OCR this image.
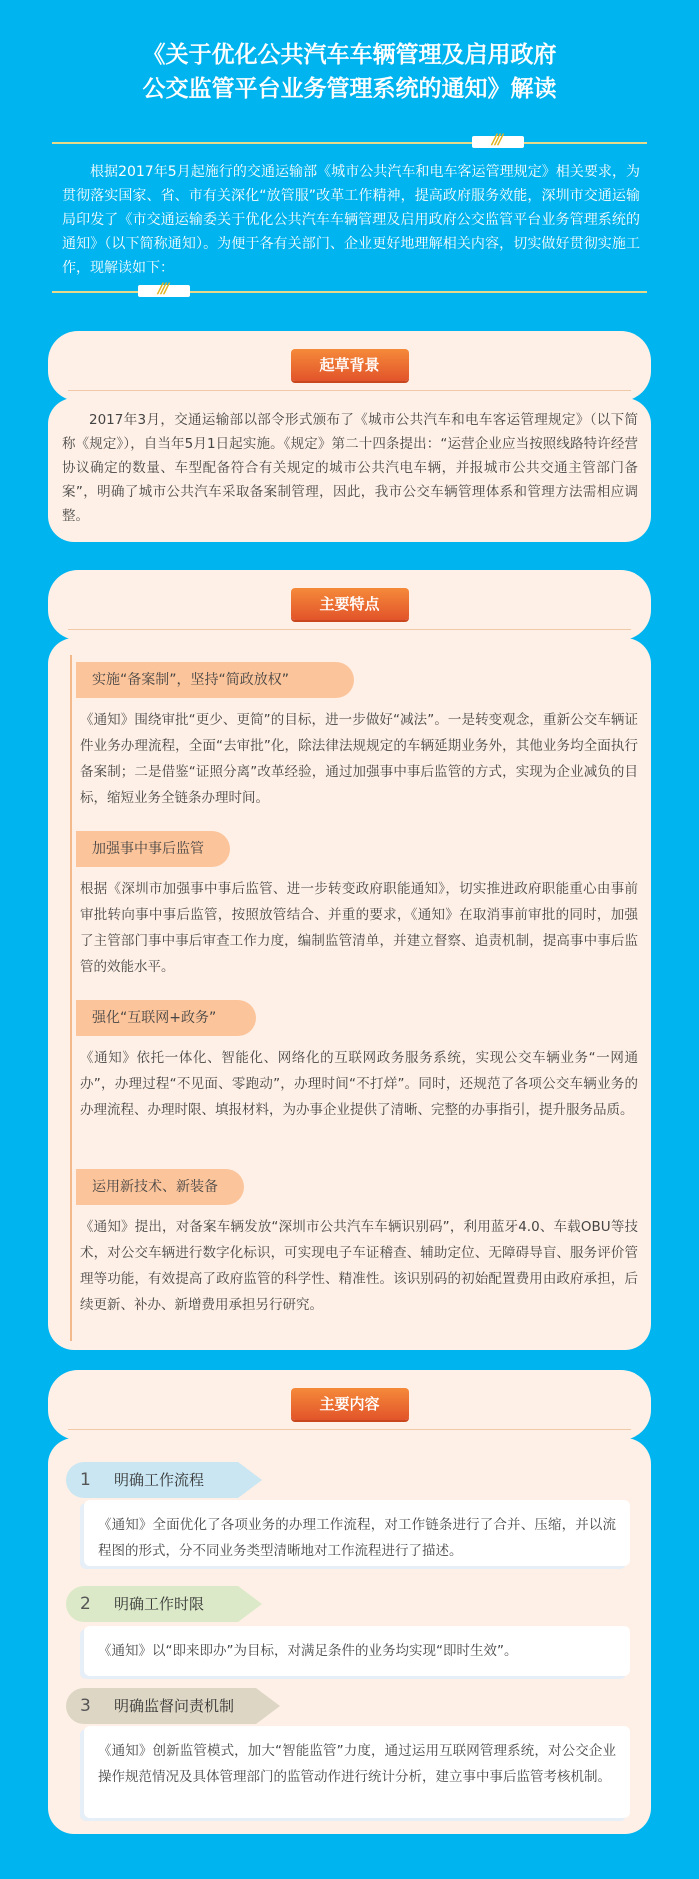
《关于优化公共汽车车辆管理及启用政府
公交监管平台业务管理系统的通知》解读
///
根据2017年5月起施行的交通运输部《城市公共汽车和电车客运管理规定》相关要求，为贯彻落实国家、省、市有关深化“放管服”改革工作精神，提高政府服务效能，深圳市交通运输局印发了《市交通运输委关于优化公共汽车车辆管理及启用政府公交监管平台业务管理系统的通知》（以下简称通知）。为便于各有关部门、企业更好地理解相关内容，切实做好贯彻实施工作，现解读如下：
///
起草背景
2017年3月，交通运输部以部令形式颁布了《城市公共汽车和电车客运管理规定》（以下简称《规定》），自当年5月1日起实施。《规定》第二十四条提出：“运营企业应当按照线路特许经营协议确定的数量、车型配备符合有关规定的城市公共汽电车辆，并报城市公共交通主管部门备案”，明确了城市公共汽车采取备案制管理，因此，我市公交车辆管理体系和管理方法需相应调整。
主要特点
实施“备案制”，坚持“简政放权”
《通知》围绕审批“更少、更简”的目标，进一步做好“减法”。一是转变观念，重新公交车辆证件业务办理流程，全面“去审批”化，除法律法规规定的车辆延期业务外，其他业务均全面执行备案制；二是借鉴“证照分离”改革经验，通过加强事中事后监管的方式，实现为企业减负的目标，缩短业务全链条办理时间。
加强事中事后监管
根据《深圳市加强事中事后监管、进一步转变政府职能通知》，切实推进政府职能重心由事前审批转向事中事后监管，按照放管结合、并重的要求，《通知》在取消事前审批的同时，加强了主管部门事中事后审查工作力度，编制监管清单，并建立督察、追责机制，提高事中事后监管的效能水平。
强化“互联网+政务”
《通知》依托一体化、智能化、网络化的互联网政务服务系统，实现公交车辆业务“一网通办”，办理过程“不见面、零跑动”，办理时间“不打烊”。同时，还规范了各项公交车辆业务的办理流程、办理时限、填报材料，为办事企业提供了清晰、完整的办事指引，提升服务品质。
运用新技术、新装备
《通知》提出，对备案车辆发放“深圳市公共汽车车辆识别码”，利用蓝牙4.0、车载OBU等技术，对公交车辆进行数字化标识，可实现电子车证稽查、辅助定位、无障碍导盲、服务评价管理等功能，有效提高了政府监管的科学性、精准性。该识别码的初始配置费用由政府承担，后续更新、补办、新增费用承担另行研究。
主要内容
1 明确工作流程
《通知》全面优化了各项业务的办理工作流程，对工作链条进行了合并、压缩，并以流程图的形式，分不同业务类型清晰地对工作流程进行了描述。
2 明确工作时限
《通知》以“即来即办”为目标，对满足条件的业务均实现“即时生效”。
3 明确监督问责机制
《通知》创新监管模式，加大“智能监管”力度，通过运用互联网管理系统，对公交企业操作规范情况及具体管理部门的监管动作进行统计分析，建立事中事后监管考核机制。
